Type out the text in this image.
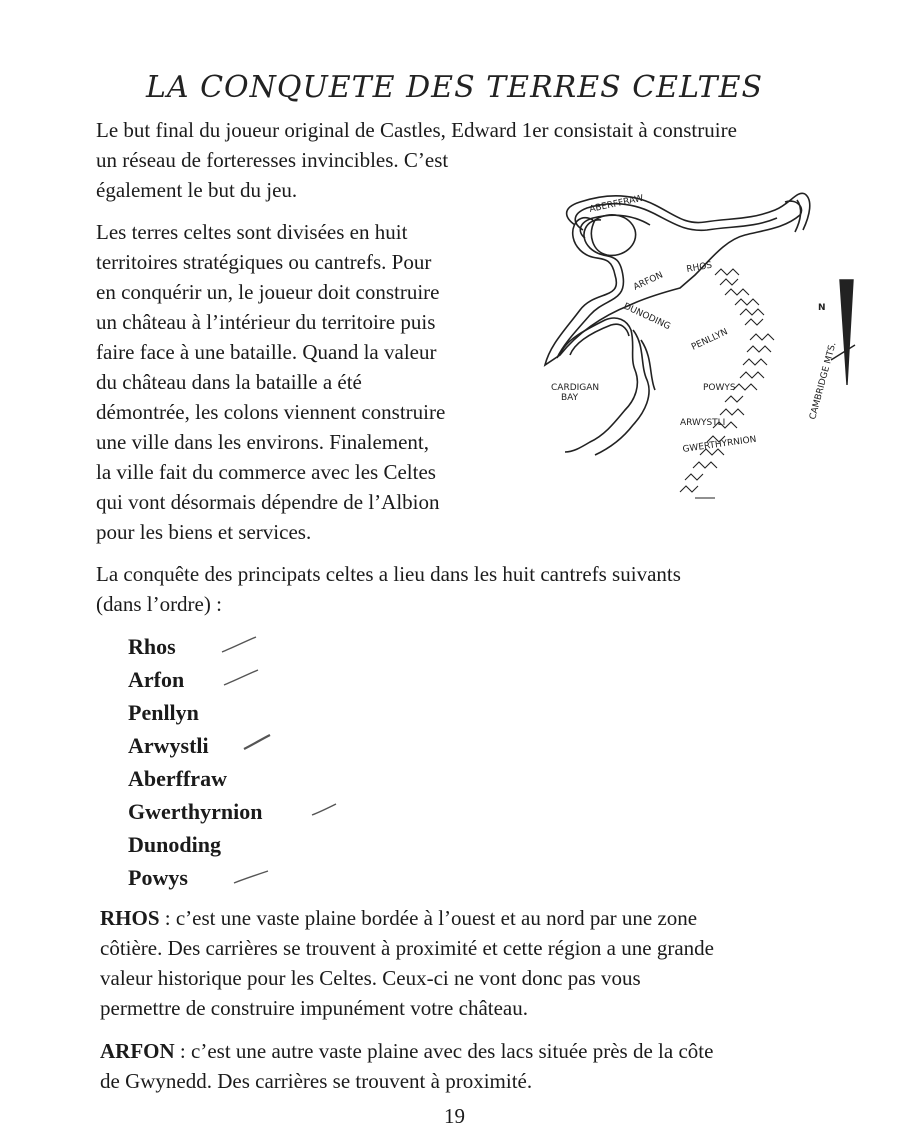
LA CONQUETE DES TERRES CELTES

Le but final du joueur original de Castles, Edward 1er consistait à construire
un réseau de forteresses invincibles. C’est
également le but du jeu.

Les terres celtes sont divisées en huit
territoires stratégiques ou cantrefs. Pour
en conquérir un, le joueur doit construire
un château à l’intérieur du territoire puis
faire face à une bataille. Quand la valeur
du château dans la bataille a été
démontrée, les colons viennent construire
une ville dans les environs. Finalement,
la ville fait du commerce avec les Celtes
qui vont désormais dépendre de l’Albion
pour les biens et services.

ABERFFRAW
ARFON
RHOS
DUNODING
PENLLYN
CARDIGAN
BAY
POWYS
ARWYSTLI
GWERTHYRNION
CAMBRIDGE MTS.
N

La conquête des principats celtes a lieu dans les huit cantrefs suivants
(dans l’ordre) :

Rhos
Arfon
Penllyn
Arwystli
Aberffraw
Gwerthyrnion
Dunoding
Powys

RHOS : c’est une vaste plaine bordée à l’ouest et au nord par une zone
côtière. Des carrières se trouvent à proximité et cette région a une grande
valeur historique pour les Celtes. Ceux-ci ne vont donc pas vous
permettre de construire impunément votre château.

ARFON : c’est une autre vaste plaine avec des lacs située près de la côte
de Gwynedd. Des carrières se trouvent à proximité.

19
